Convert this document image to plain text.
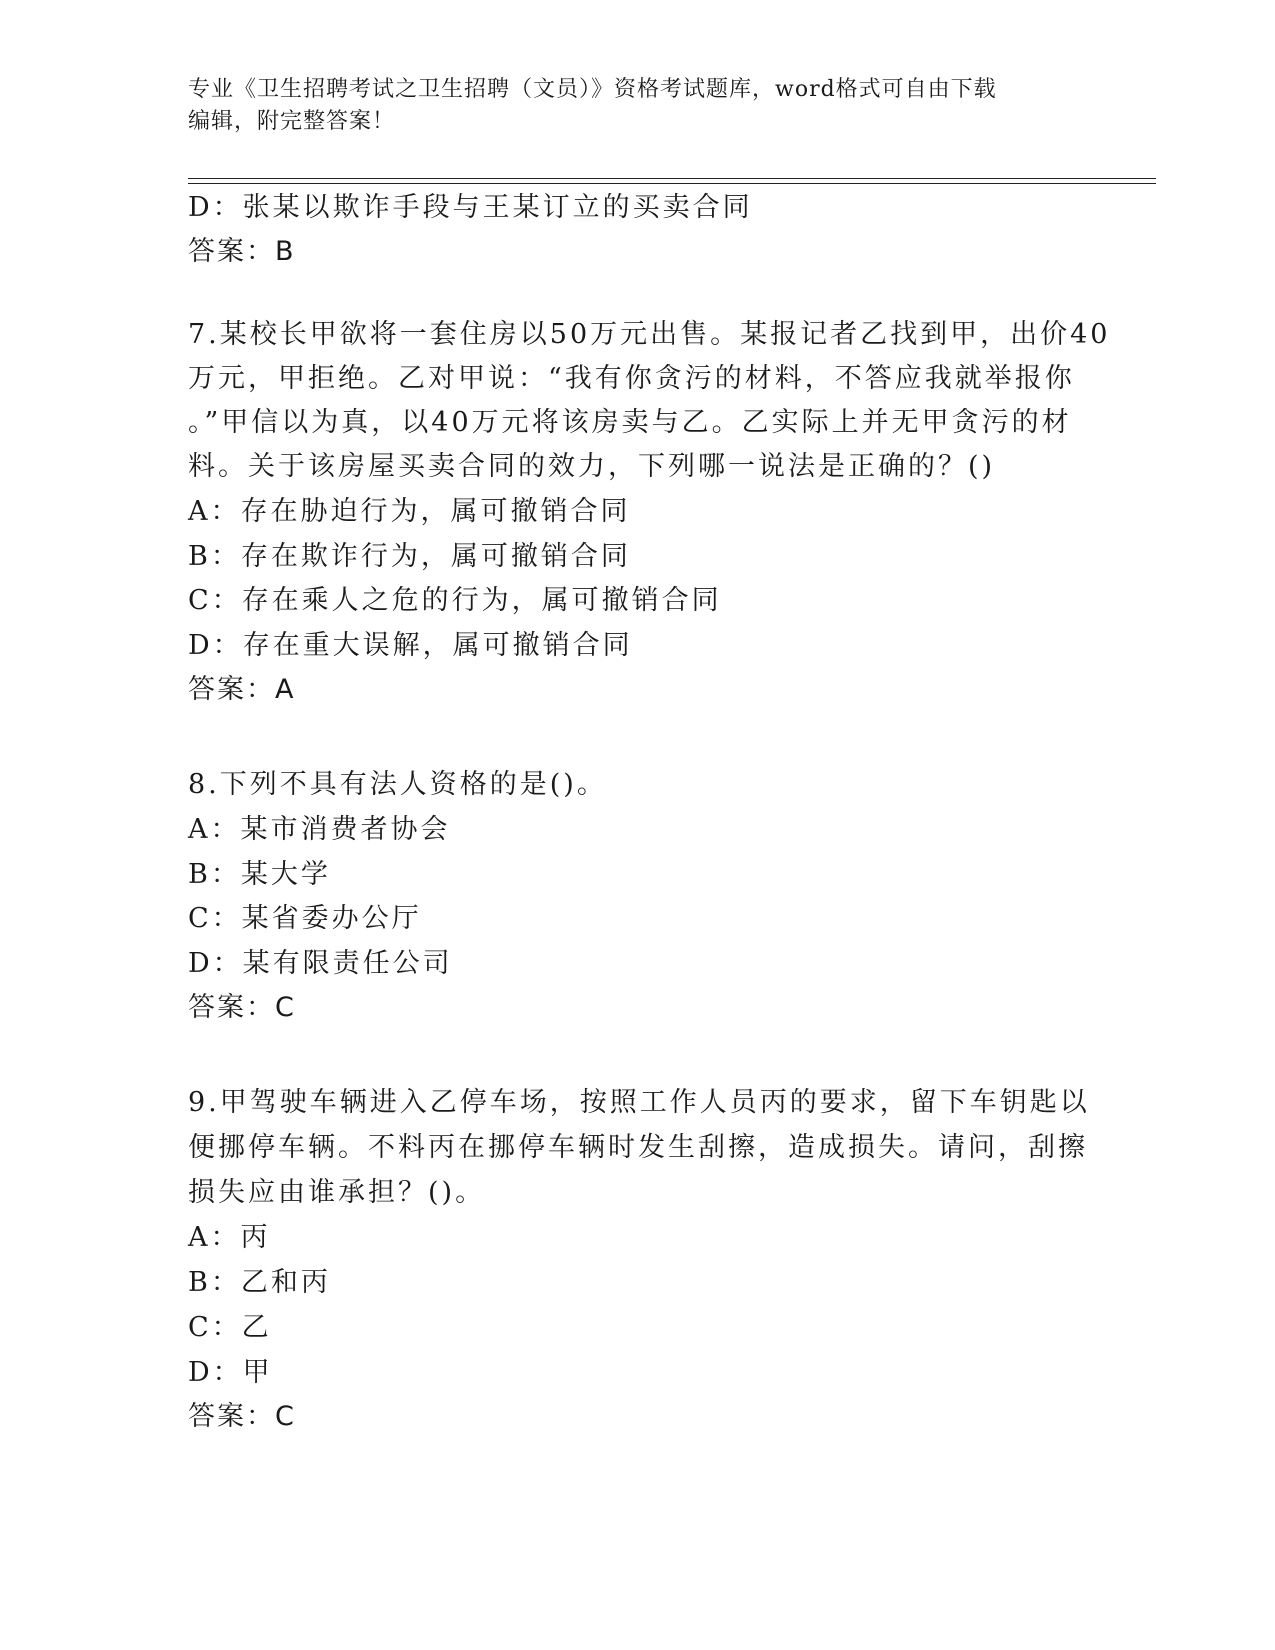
专业《卫生招聘考试之卫生招聘（文员）》资格考试题库，word格式可自由下载
编辑，附完整答案！
D：张某以欺诈手段与王某订立的买卖合同
答案：B
7.某校长甲欲将一套住房以50万元出售。某报记者乙找到甲，出价40
万元，甲拒绝。乙对甲说：“我有你贪污的材料，不答应我就举报你
。”甲信以为真，以40万元将该房卖与乙。乙实际上并无甲贪污的材
料。关于该房屋买卖合同的效力，下列哪一说法是正确的？()
A：存在胁迫行为，属可撤销合同
B：存在欺诈行为，属可撤销合同
C：存在乘人之危的行为，属可撤销合同
D：存在重大误解，属可撤销合同
答案：A
8.下列不具有法人资格的是()。
A：某市消费者协会
B：某大学
C：某省委办公厅
D：某有限责任公司
答案：C
9.甲驾驶车辆进入乙停车场，按照工作人员丙的要求，留下车钥匙以
便挪停车辆。不料丙在挪停车辆时发生刮擦，造成损失。请问，刮擦
损失应由谁承担？()。
A：丙
B：乙和丙
C：乙
D：甲
答案：C
